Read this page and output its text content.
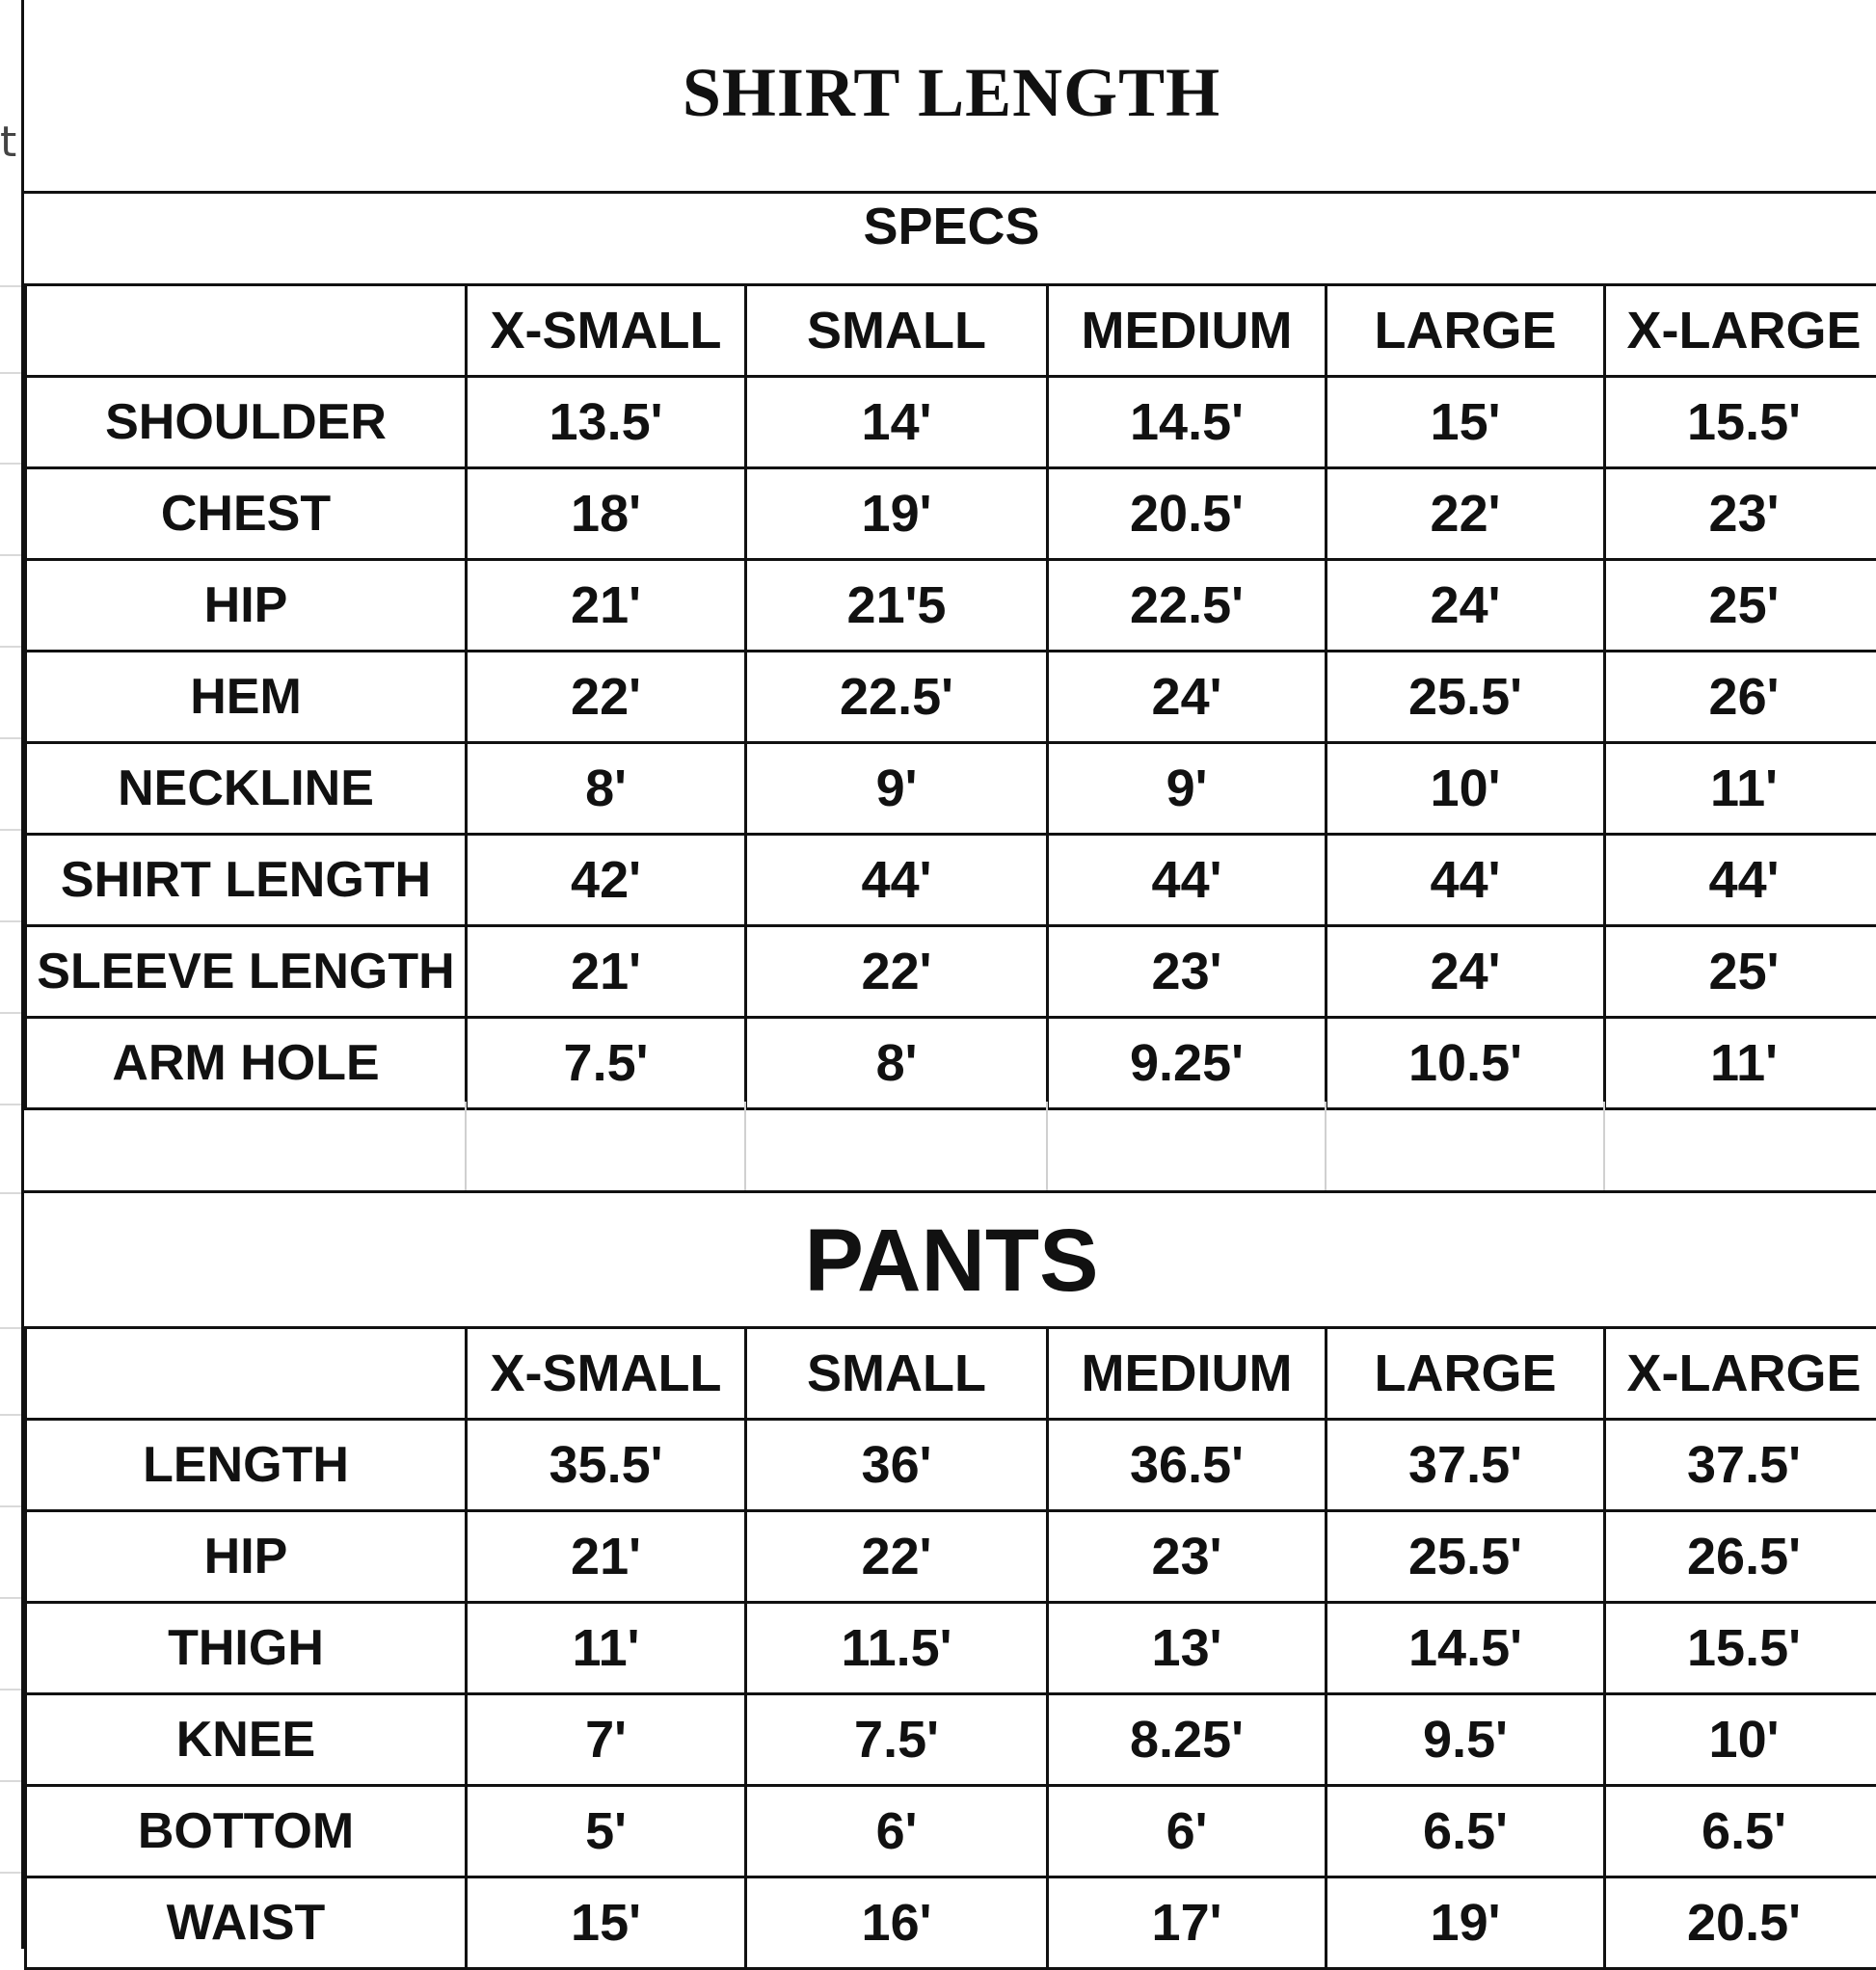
t
SHIRT LENGTH
SPECS
	X-SMALL	SMALL	MEDIUM	LARGE	X-LARGE
SHOULDER	13.5'	14'	14.5'	15'	15.5'
CHEST	18'	19'	20.5'	22'	23'
HIP	21'	21'5	22.5'	24'	25'
HEM	22'	22.5'	24'	25.5'	26'
NECKLINE	8'	9'	9'	10'	11'
SHIRT LENGTH	42'	44'	44'	44'	44'
SLEEVE LENGTH	21'	22'	23'	24'	25'
ARM HOLE	7.5'	8'	9.25'	10.5'	11'
PANTS
	X-SMALL	SMALL	MEDIUM	LARGE	X-LARGE
LENGTH	35.5'	36'	36.5'	37.5'	37.5'
HIP	21'	22'	23'	25.5'	26.5'
THIGH	11'	11.5'	13'	14.5'	15.5'
KNEE	7'	7.5'	8.25'	9.5'	10'
BOTTOM	5'	6'	6'	6.5'	6.5'
WAIST	15'	16'	17'	19'	20.5'
